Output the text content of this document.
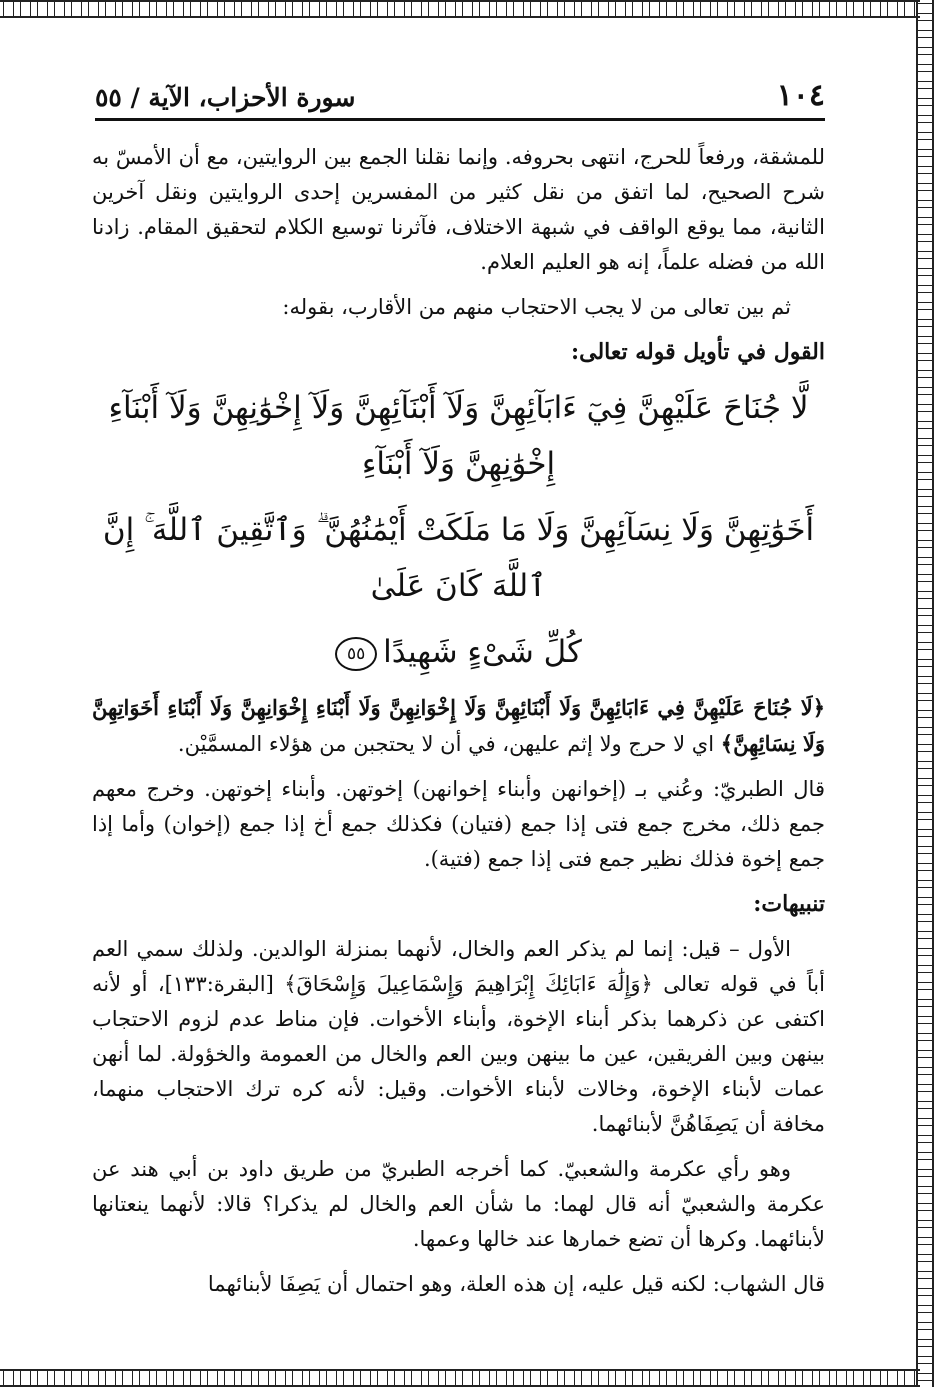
١٠٤
سورة الأحزاب، الآية / ٥٥

للمشقة، ورفعاً للحرج، انتهى بحروفه. وإنما نقلنا الجمع بين الروايتين، مع أن الأمسّ به شرح الصحيح، لما اتفق من نقل كثير من المفسرين إحدى الروايتين ونقل آخرين الثانية، مما يوقع الواقف في شبهة الاختلاف، فآثرنا توسيع الكلام لتحقيق المقام. زادنا الله من فضله علماً، إنه هو العليم العلام.

ثم بين تعالى من لا يجب الاحتجاب منهم من الأقارب، بقوله:

القول في تأويل قوله تعالى:

لَّا جُنَاحَ عَلَيْهِنَّ فِيٓ ءَابَآئِهِنَّ وَلَآ أَبْنَآئِهِنَّ وَلَآ إِخْوَٰنِهِنَّ وَلَآ أَبْنَآءِ إِخْوَٰنِهِنَّ وَلَآ أَبْنَآءِ

أَخَوَٰتِهِنَّ وَلَا نِسَآئِهِنَّ وَلَا مَا مَلَكَتْ أَيْمَٰنُهُنَّ ۗ وَٱتَّقِينَ ٱللَّهَ ۚ إِنَّ ٱللَّهَ كَانَ عَلَىٰ

كُلِّ شَىْءٍ شَهِيدًا٥٥

﴿لَا جُنَاحَ عَلَيْهِنَّ فِي ءَابَائِهِنَّ وَلَا أَبْنَائِهِنَّ وَلَا إِخْوَانِهِنَّ وَلَا أَبْنَاءِ إِخْوَانِهِنَّ وَلَا أَبْنَاءِ أَخَوَاتِهِنَّ وَلَا نِسَائِهِنَّ﴾ اي لا حرج ولا إثم عليهن، في أن لا يحتجبن من هؤلاء المسمَّيْن.

قال الطبريّ: وعُني بـ (إخوانهن وأبناء إخوانهن) إخوتهن. وأبناء إخوتهن. وخرج معهم جمع ذلك، مخرج جمع فتى إذا جمع (فتيان) فكذلك جمع أخ إذا جمع (إخوان) وأما إذا جمع إخوة فذلك نظير جمع فتى إذا جمع (فتية).

تنبيهات:

الأول – قيل: إنما لم يذكر العم والخال، لأنهما بمنزلة الوالدين. ولذلك سمي العم أباً في قوله تعالى ﴿وَإِلَٰهَ ءَابَائِكَ إِبْرَاهِيمَ وَإِسْمَاعِيلَ وَإِسْحَاقَ﴾ [البقرة:١٣٣]، أو لأنه اكتفى عن ذكرهما بذكر أبناء الإخوة، وأبناء الأخوات. فإن مناط عدم لزوم الاحتجاب بينهن وبين الفريقين، عين ما بينهن وبين العم والخال من العمومة والخؤولة. لما أنهن عمات لأبناء الإخوة، وخالات لأبناء الأخوات. وقيل: لأنه كره ترك الاحتجاب منهما، مخافة أن يَصِفَاهُنَّ لأبنائهما.

وهو رأي عكرمة والشعبيّ. كما أخرجه الطبريّ من طريق داود بن أبي هند عن عكرمة والشعبيّ أنه قال لهما: ما شأن العم والخال لم يذكرا؟ قالا: لأنهما ينعتانها لأبنائهما. وكرها أن تضع خمارها عند خالها وعمها.

قال الشهاب: لكنه قيل عليه، إن هذه العلة، وهو احتمال أن يَصِفَا لأبنائهما
